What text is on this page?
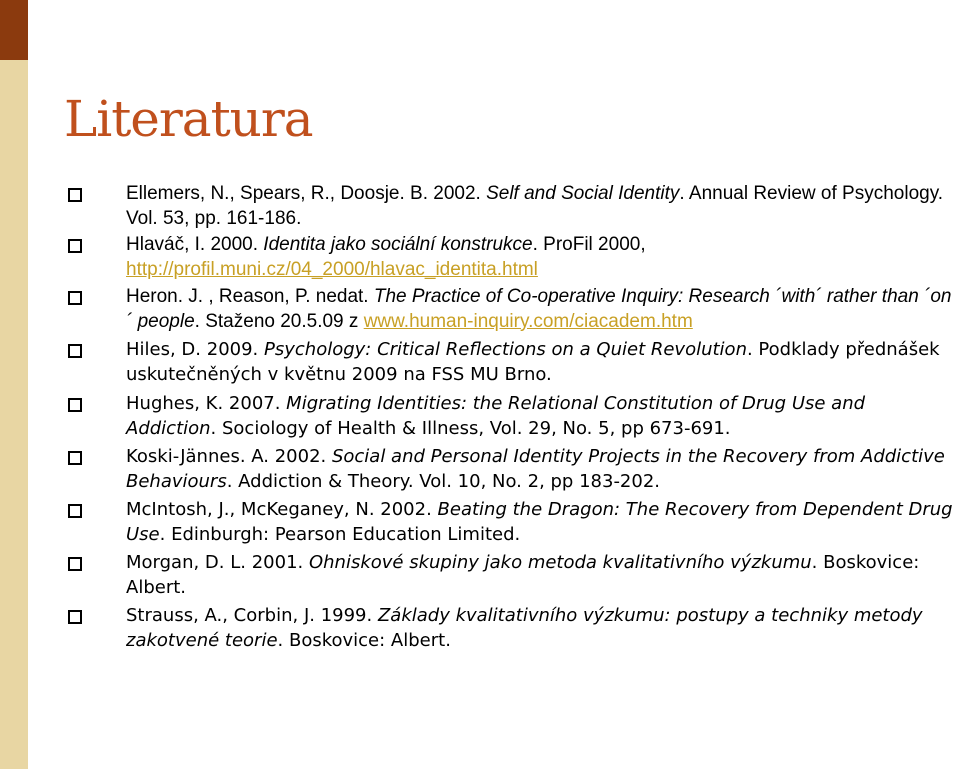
Literatura
Ellemers, N., Spears, R., Doosje. B. 2002. Self and Social Identity. Annual Review of Psychology. Vol. 53, pp. 161-186.
Hlaváč, I. 2000. Identita jako sociální konstrukce. ProFil 2000,
http://profil.muni.cz/04_2000/hlavac_identita.html
Heron. J. , Reason, P. nedat. The Practice of Co-operative Inquiry: Research ´with´ rather than ´on´ people. Staženo 20.5.09 z www.human-inquiry.com/ciacadem.htm
Hiles, D. 2009. Psychology: Critical Reflections on a Quiet Revolution. Podklady přednášek uskutečněných v květnu 2009 na FSS MU Brno.
Hughes, K. 2007. Migrating Identities: the Relational Constitution of Drug Use and Addiction. Sociology of Health & Illness, Vol. 29, No. 5, pp 673-691.
Koski-Jännes. A. 2002. Social and Personal Identity Projects in the Recovery from Addictive Behaviours. Addiction & Theory. Vol. 10, No. 2, pp 183-202.
McIntosh, J., McKeganey, N. 2002. Beating the Dragon: The Recovery from Dependent Drug Use. Edinburgh: Pearson Education Limited.
Morgan, D. L. 2001. Ohniskové skupiny jako metoda kvalitativního výzkumu. Boskovice: Albert.
Strauss, A., Corbin, J. 1999. Základy kvalitativního výzkumu: postupy a techniky metody zakotvené teorie. Boskovice: Albert.
